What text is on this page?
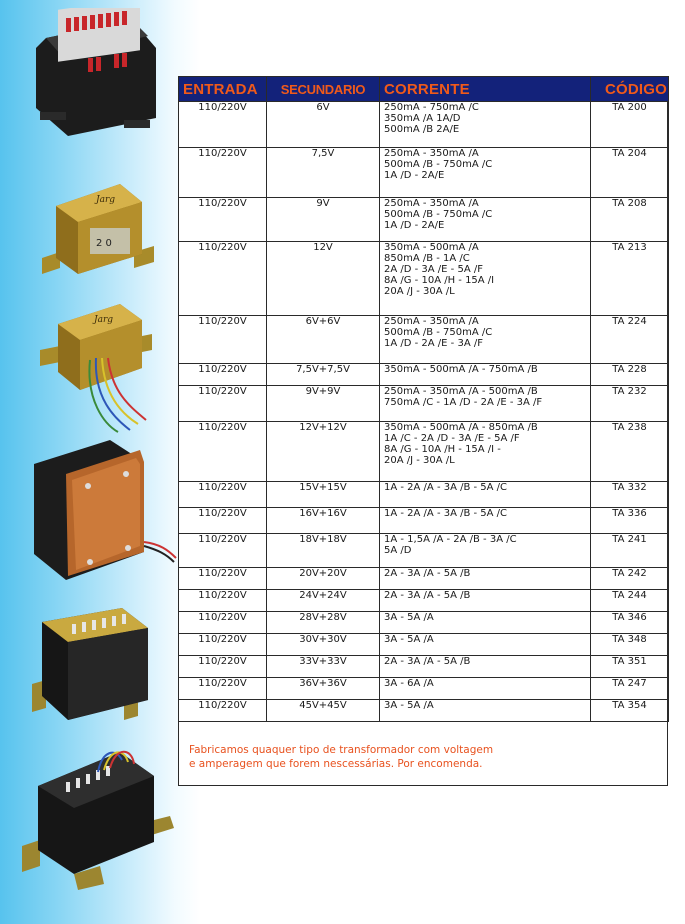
Jarg
2 0
Jarg
ENTRADA	SECUNDARIO	CORRENTE	CÓDIGO
110/220V	6V	250mA - 750mA /C
350mA /A 1A/D
500mA /B 2A/E	TA 200
110/220V	7,5V	250mA - 350mA /A
500mA /B - 750mA /C
1A /D - 2A/E	TA 204
110/220V	9V	250mA - 350mA /A
500mA /B - 750mA /C
1A /D - 2A/E	TA 208
110/220V	12V	350mA - 500mA /A
850mA /B - 1A /C
2A /D - 3A /E - 5A /F
8A /G - 10A /H - 15A /I
20A /J - 30A /L	TA 213
110/220V	6V+6V	250mA - 350mA /A
500mA /B - 750mA /C
1A /D - 2A /E - 3A /F	TA 224
110/220V	7,5V+7,5V	350mA - 500mA /A - 750mA /B	TA 228
110/220V	9V+9V	250mA - 350mA /A - 500mA /B
750mA /C - 1A /D - 2A /E - 3A /F	TA 232
110/220V	12V+12V	350mA - 500mA /A - 850mA /B
1A /C - 2A /D - 3A /E - 5A /F
8A /G - 10A /H - 15A /I -
20A /J - 30A /L	TA 238
110/220V	15V+15V	1A - 2A /A - 3A /B - 5A /C	TA 332
110/220V	16V+16V	1A - 2A /A - 3A /B - 5A /C	TA 336
110/220V	18V+18V	1A - 1,5A /A - 2A /B - 3A /C
5A /D	TA 241
110/220V	20V+20V	2A - 3A /A - 5A /B	TA 242
110/220V	24V+24V	2A - 3A /A - 5A /B	TA 244
110/220V	28V+28V	3A - 5A /A	TA 346
110/220V	30V+30V	3A - 5A /A	TA 348
110/220V	33V+33V	2A - 3A /A - 5A /B	TA 351
110/220V	36V+36V	3A - 6A /A	TA 247
110/220V	45V+45V	3A - 5A /A	TA 354
Fabricamos quaquer tipo de transformador com voltagem
e amperagem que forem nescessárias. Por encomenda.
